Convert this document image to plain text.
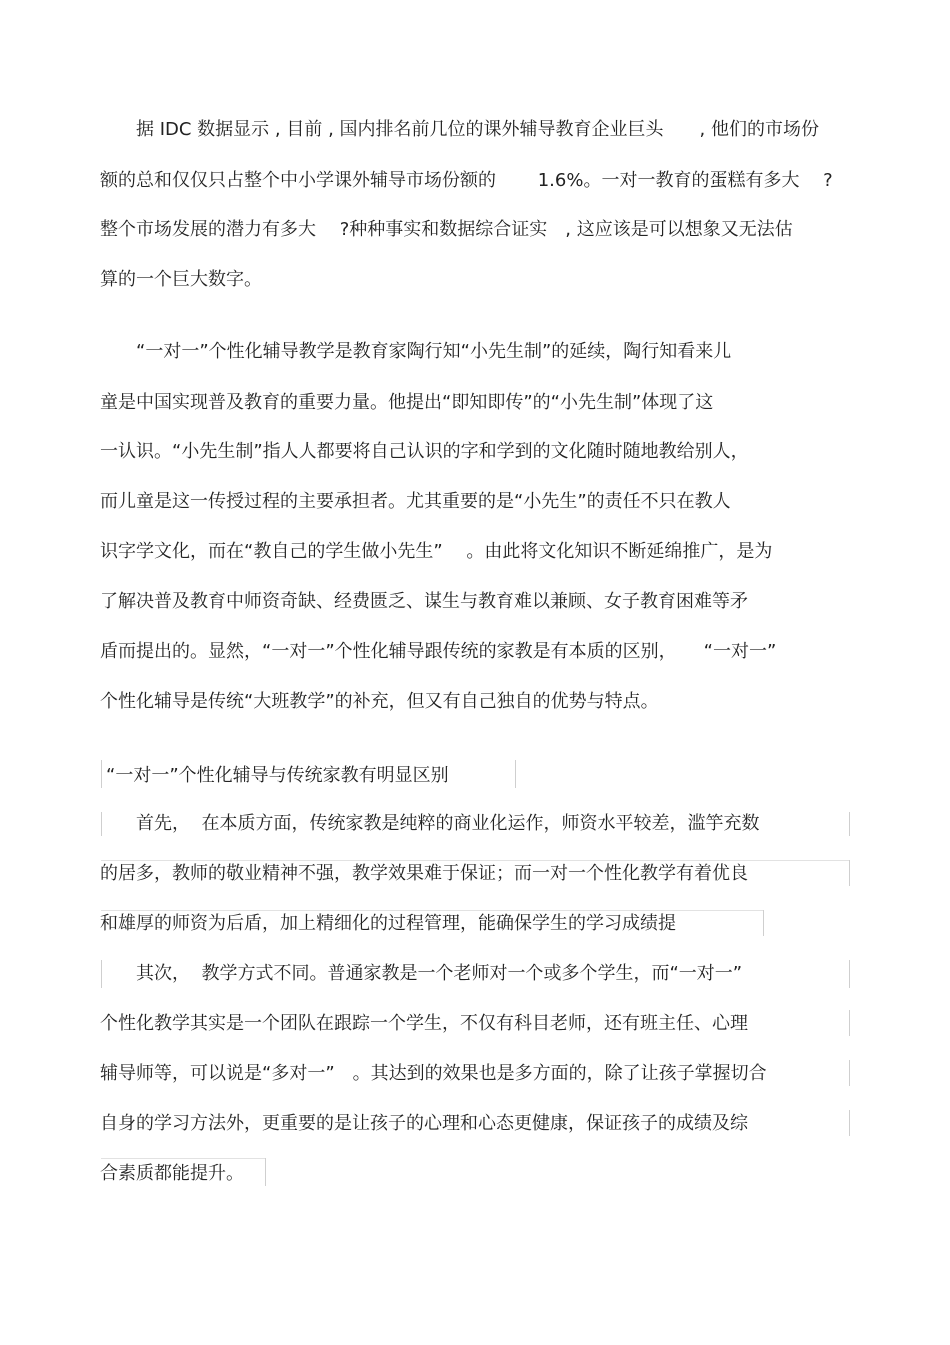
　　据 IDC 数据显示 , 目前 , 国内排名前几位的课外辅导教育企业巨头　　, 他们的市场份

额的总和仅仅只占整个中小学课外辅导市场份额的　　 1.6%。一对一教育的蛋糕有多大　 ?

整个市场发展的潜力有多大　 ?种种事实和数据综合证实　, 这应该是可以想象又无法估

算的一个巨大数字。

　　“一对一”个性化辅导教学是教育家陶行知“小先生制”的延续，陶行知看来儿

童是中国实现普及教育的重要力量。他提出“即知即传”的“小先生制”体现了这

一认识。“小先生制”指人人都要将自己认识的字和学到的文化随时随地教给别人，

而儿童是这一传授过程的主要承担者。尤其重要的是“小先生”的责任不只在教人

识字学文化，而在“教自己的学生做小先生”　 。由此将文化知识不断延绵推广，是为

了解决普及教育中师资奇缺、经费匮乏、谋生与教育难以兼顾、女子教育困难等矛

盾而提出的。显然，“一对一”个性化辅导跟传统的家教是有本质的区别，　　“一对一”

个性化辅导是传统“大班教学”的补充，但又有自己独自的优势与特点。

“一对一”个性化辅导与传统家教有明显区别

　　首先，  在本质方面，传统家教是纯粹的商业化运作，师资水平较差，滥竽充数

的居多，教师的敬业精神不强，教学效果难于保证；而一对一个性化教学有着优良

和雄厚的师资为后盾，加上精细化的过程管理，能确保学生的学习成绩提

　　其次，  教学方式不同。普通家教是一个老师对一个或多个学生，而“一对一”

个性化教学其实是一个团队在跟踪一个学生，不仅有科目老师，还有班主任、心理

辅导师等，可以说是“多对一”　。其达到的效果也是多方面的，除了让孩子掌握切合

自身的学习方法外，更重要的是让孩子的心理和心态更健康，保证孩子的成绩及综

合素质都能提升。
